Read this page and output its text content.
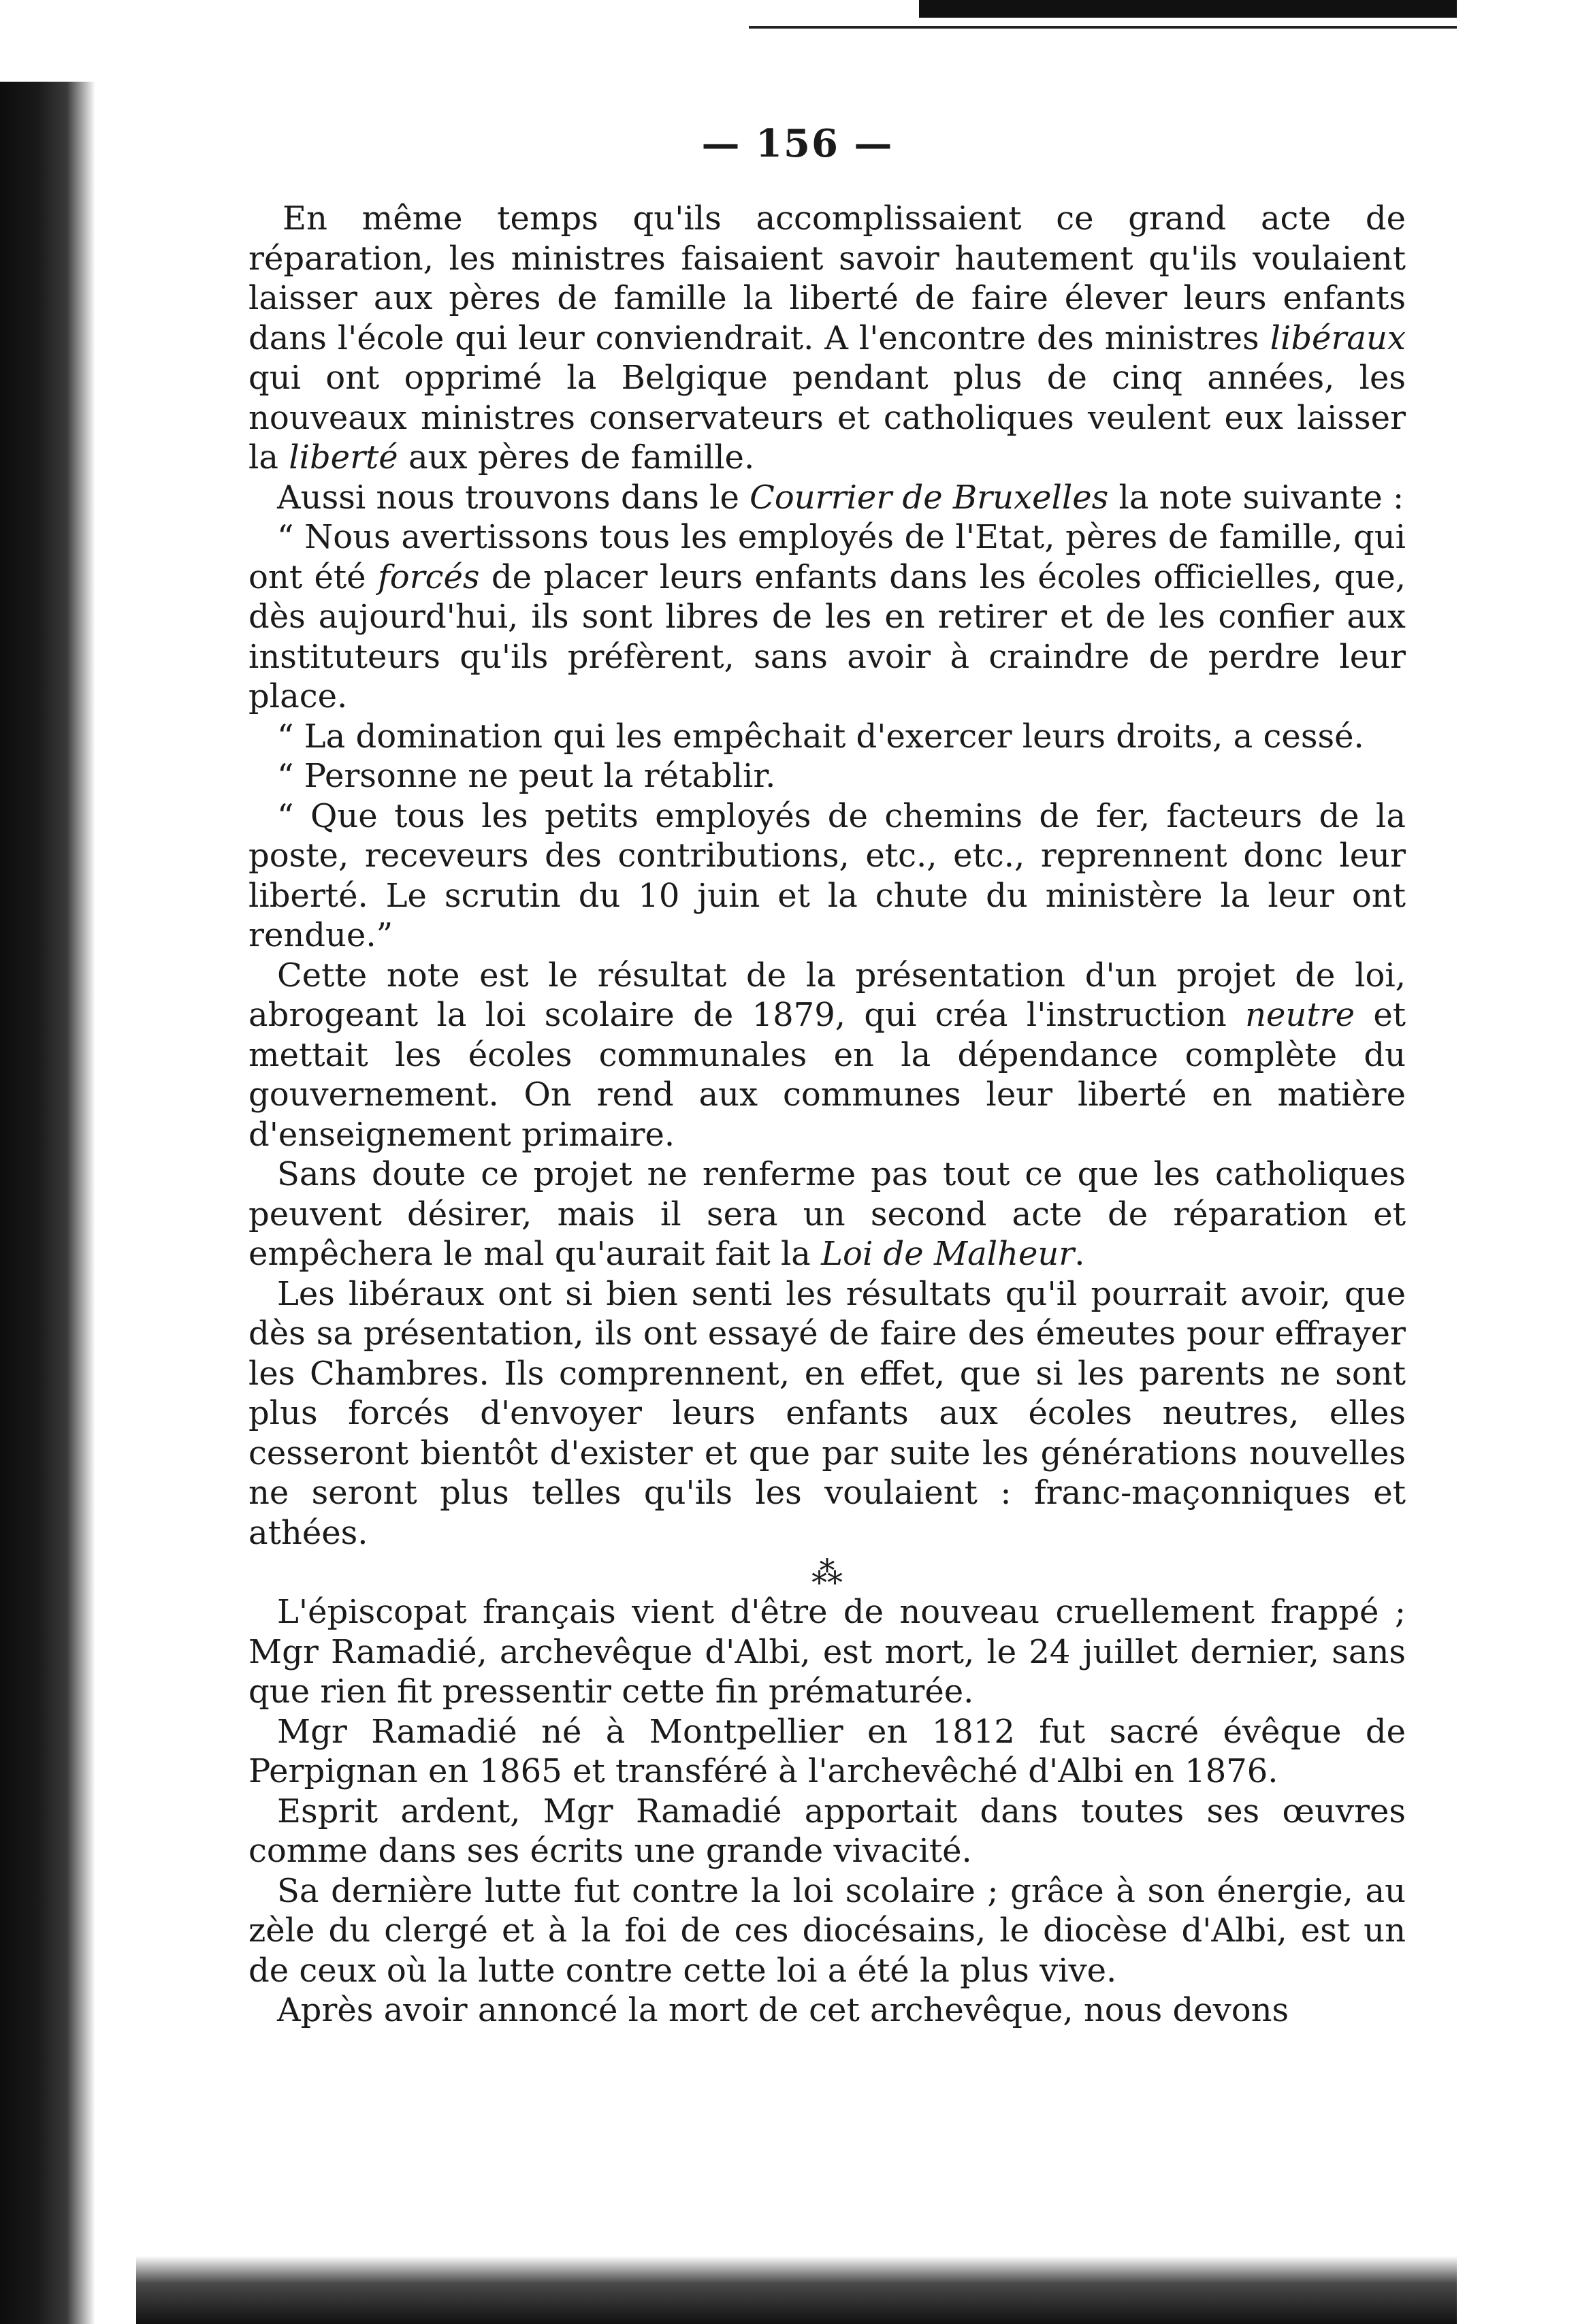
— 156 —

En même temps qu'ils accomplissaient ce grand acte de réparation, les ministres faisaient savoir hautement qu'ils voulaient laisser aux pères de famille la liberté de faire élever leurs enfants dans l'école qui leur conviendrait. A l'encontre des ministres libéraux qui ont opprimé la Belgique pendant plus de cinq années, les nouveaux ministres conservateurs et catholiques veulent eux laisser la liberté aux pères de famille.

Aussi nous trouvons dans le Courrier de Bruxelles la note suivante :

“ Nous avertissons tous les employés de l'Etat, pères de famille, qui ont été forcés de placer leurs enfants dans les écoles officielles, que, dès aujourd'hui, ils sont libres de les en retirer et de les confier aux instituteurs qu'ils préfèrent, sans avoir à craindre de perdre leur place.

“ La domination qui les empêchait d'exercer leurs droits, a cessé.

“ Personne ne peut la rétablir.

“ Que tous les petits employés de chemins de fer, facteurs de la poste, receveurs des contributions, etc., etc., reprennent donc leur liberté. Le scrutin du 10 juin et la chute du ministère la leur ont rendue.”

Cette note est le résultat de la présentation d'un projet de loi, abrogeant la loi scolaire de 1879, qui créa l'instruction neutre et mettait les écoles communales en la dépendance complète du gouvernement. On rend aux communes leur liberté en matière d'enseignement primaire.

Sans doute ce projet ne renferme pas tout ce que les catholiques peuvent désirer, mais il sera un second acte de réparation et empêchera le mal qu'aurait fait la Loi de Malheur.

Les libéraux ont si bien senti les résultats qu'il pourrait avoir, que dès sa présentation, ils ont essayé de faire des émeutes pour effrayer les Chambres. Ils comprennent, en effet, que si les parents ne sont plus forcés d'envoyer leurs enfants aux écoles neutres, elles cesseront bientôt d'exister et que par suite les générations nouvelles ne seront plus telles qu'ils les voulaient : franc-maçonniques et athées.

⁂

L'épiscopat français vient d'être de nouveau cruellement frappé ; Mgr Ramadié, archevêque d'Albi, est mort, le 24 juillet dernier, sans que rien fit pressentir cette fin prématurée.

Mgr Ramadié né à Montpellier en 1812 fut sacré évêque de Perpignan en 1865 et transféré à l'archevêché d'Albi en 1876.

Esprit ardent, Mgr Ramadié apportait dans toutes ses œuvres comme dans ses écrits une grande vivacité.

Sa dernière lutte fut contre la loi scolaire ; grâce à son énergie, au zèle du clergé et à la foi de ces diocésains, le diocèse d'Albi, est un de ceux où la lutte contre cette loi a été la plus vive.

Après avoir annoncé la mort de cet archevêque, nous devons
